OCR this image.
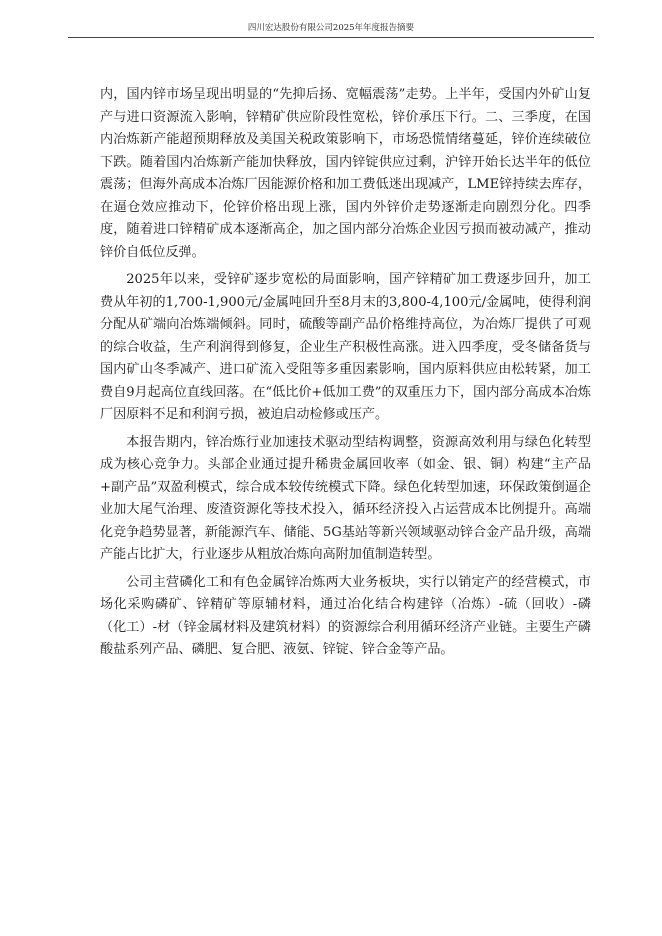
四川宏达股份有限公司2025年年度报告摘要

内，国内锌市场呈现出明显的“先抑后扬、宽幅震荡”走势。上半年，受国内外矿山复产与进口资源流入影响，锌精矿供应阶段性宽松，锌价承压下行。二、三季度，在国内冶炼新产能超预期释放及美国关税政策影响下，市场恐慌情绪蔓延，锌价连续破位下跌。随着国内冶炼新产能加快释放，国内锌锭供应过剩，沪锌开始长达半年的低位震荡；但海外高成本冶炼厂因能源价格和加工费低迷出现减产，LME锌持续去库存，在逼仓效应推动下，伦锌价格出现上涨，国内外锌价走势逐渐走向剧烈分化。四季度，随着进口锌精矿成本逐渐高企，加之国内部分冶炼企业因亏损而被动减产，推动锌价自低位反弹。

2025年以来，受锌矿逐步宽松的局面影响，国产锌精矿加工费逐步回升，加工费从年初的1,700-1,900元/金属吨回升至8月末的3,800-4,100元/金属吨，使得利润分配从矿端向冶炼端倾斜。同时，硫酸等副产品价格维持高位，为冶炼厂提供了可观的综合收益，生产利润得到修复，企业生产积极性高涨。进入四季度，受冬储备货与国内矿山冬季减产、进口矿流入受阻等多重因素影响，国内原料供应由松转紧，加工费自9月起高位直线回落。在“低比价+低加工费”的双重压力下，国内部分高成本冶炼厂因原料不足和利润亏损，被迫启动检修或压产。

本报告期内，锌冶炼行业加速技术驱动型结构调整，资源高效利用与绿色化转型成为核心竞争力。头部企业通过提升稀贵金属回收率（如金、银、铜）构建“主产品+副产品”双盈利模式，综合成本较传统模式下降。绿色化转型加速，环保政策倒逼企业加大尾气治理、废渣资源化等技术投入，循环经济投入占运营成本比例提升。高端化竞争趋势显著，新能源汽车、储能、5G基站等新兴领域驱动锌合金产品升级，高端产能占比扩大，行业逐步从粗放冶炼向高附加值制造转型。

公司主营磷化工和有色金属锌冶炼两大业务板块，实行以销定产的经营模式，市场化采购磷矿、锌精矿等原辅材料，通过冶化结合构建锌（冶炼）-硫（回收）-磷（化工）-材（锌金属材料及建筑材料）的资源综合利用循环经济产业链。主要生产磷酸盐系列产品、磷肥、复合肥、液氨、锌锭、锌合金等产品。
